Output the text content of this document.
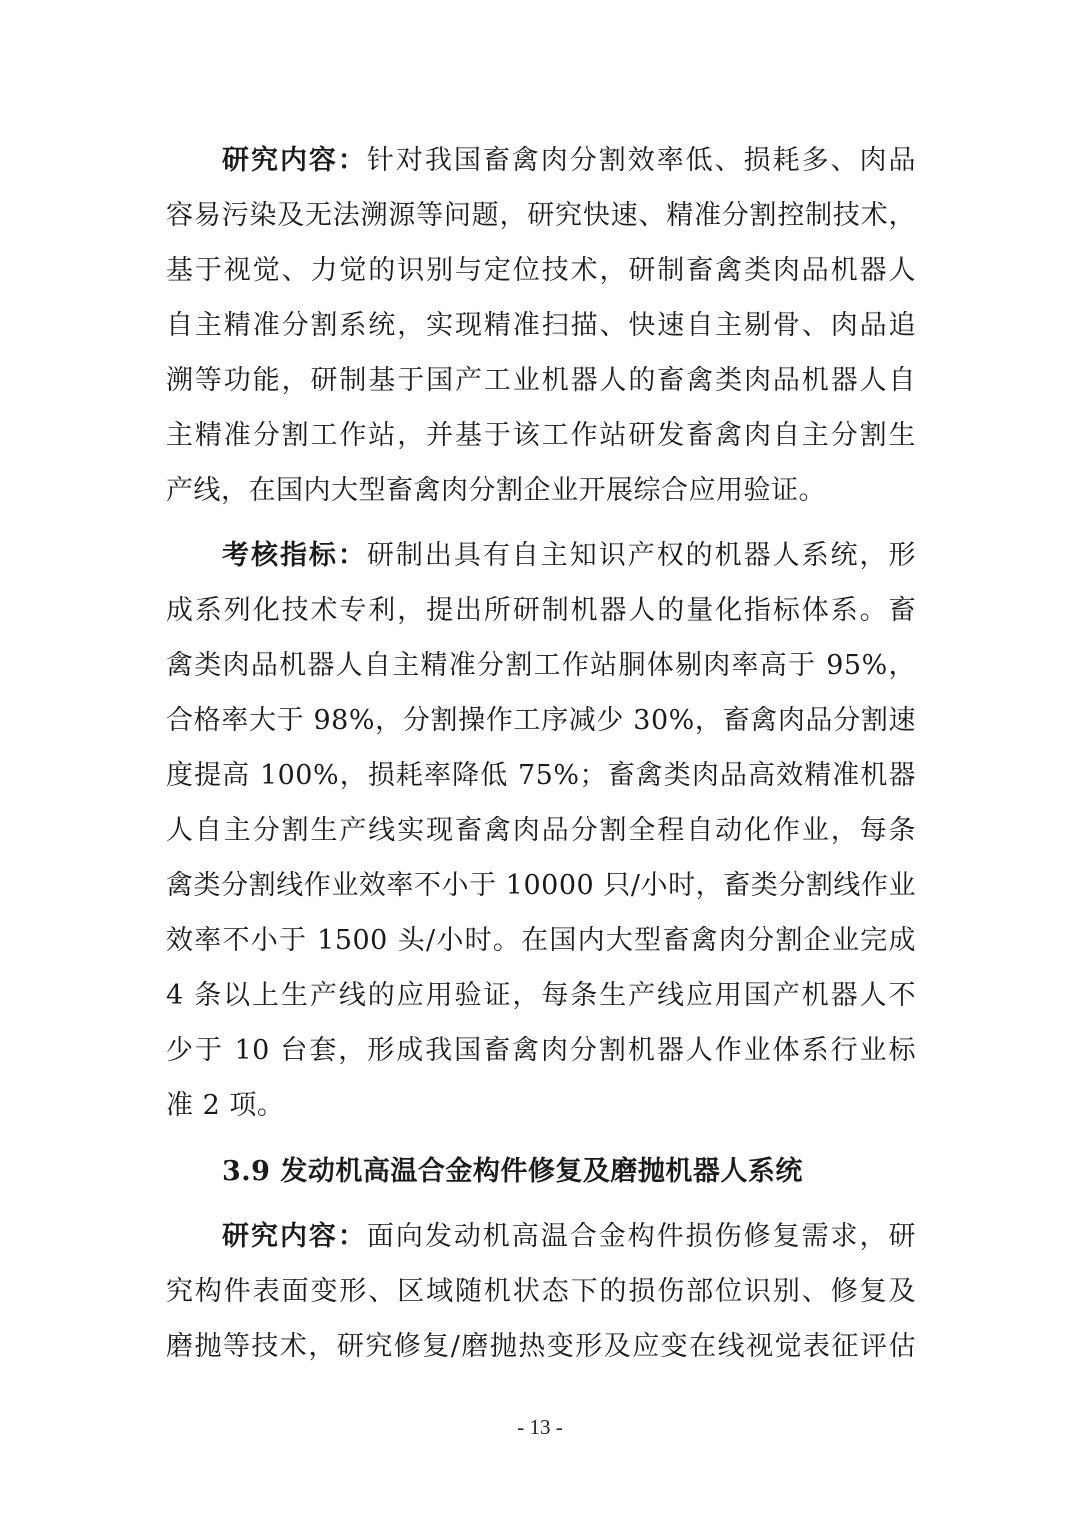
研究内容：针对我国畜禽肉分割效率低、损耗多、肉品
容易污染及无法溯源等问题，研究快速、精准分割控制技术，
基于视觉、力觉的识别与定位技术，研制畜禽类肉品机器人
自主精准分割系统，实现精准扫描、快速自主剔骨、肉品追
溯等功能，研制基于国产工业机器人的畜禽类肉品机器人自
主精准分割工作站，并基于该工作站研发畜禽肉自主分割生
产线，在国内大型畜禽肉分割企业开展综合应用验证。
考核指标：研制出具有自主知识产权的机器人系统，形
成系列化技术专利，提出所研制机器人的量化指标体系。畜
禽类肉品机器人自主精准分割工作站胴体剔肉率高于 95%，
合格率大于 98%，分割操作工序减少 30%，畜禽肉品分割速
度提高 100%，损耗率降低 75%；畜禽类肉品高效精准机器
人自主分割生产线实现畜禽肉品分割全程自动化作业，每条
禽类分割线作业效率不小于 10000 只/小时，畜类分割线作业
效率不小于 1500 头/小时。在国内大型畜禽肉分割企业完成
4 条以上生产线的应用验证，每条生产线应用国产机器人不
少于 10 台套，形成我国畜禽肉分割机器人作业体系行业标
准 2 项。
3.9 发动机高温合金构件修复及磨抛机器人系统
研究内容：面向发动机高温合金构件损伤修复需求，研
究构件表面变形、区域随机状态下的损伤部位识别、修复及
磨抛等技术，研究修复/磨抛热变形及应变在线视觉表征评估
- 13 -
